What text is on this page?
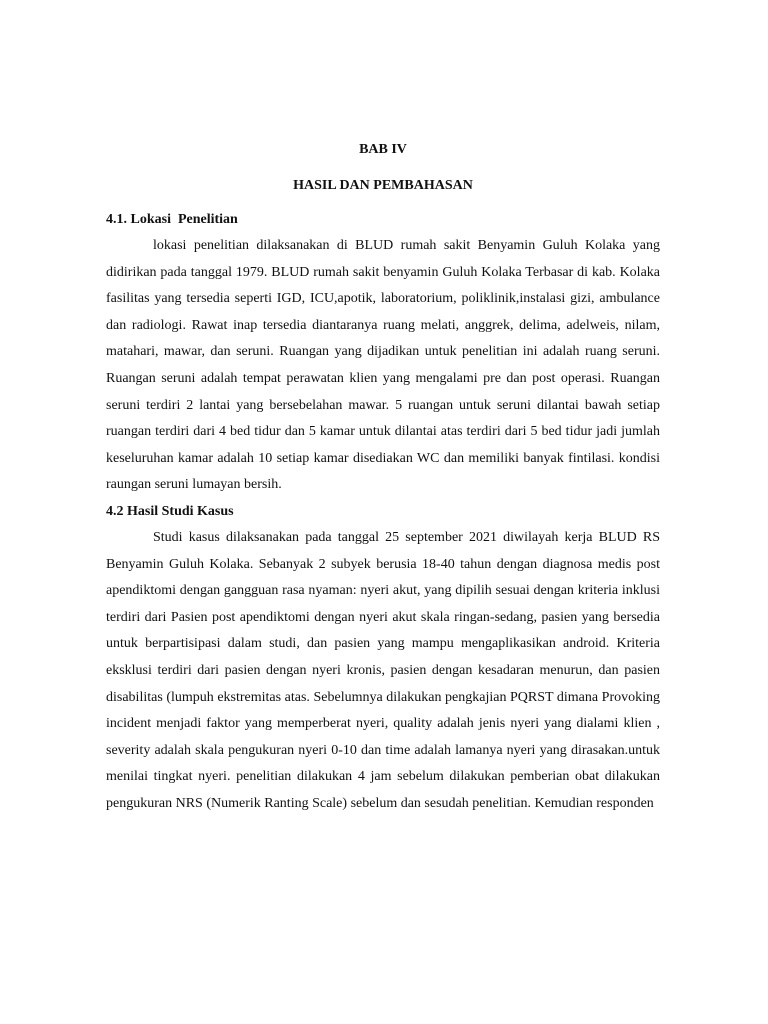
BAB IV

HASIL DAN PEMBAHASAN

4.1. Lokasi  Penelitian

lokasi penelitian dilaksanakan di BLUD rumah sakit Benyamin Guluh Kolaka yang didirikan pada tanggal 1979. BLUD rumah sakit benyamin Guluh Kolaka Terbasar di kab. Kolaka fasilitas yang tersedia seperti IGD, ICU,apotik, laboratorium, poliklinik,instalasi gizi, ambulance dan radiologi. Rawat inap tersedia diantaranya ruang melati, anggrek, delima, adelweis, nilam, matahari, mawar, dan seruni. Ruangan yang dijadikan untuk penelitian ini adalah ruang seruni. Ruangan seruni adalah tempat perawatan klien yang mengalami pre dan post operasi. Ruangan seruni terdiri 2 lantai yang bersebelahan mawar. 5 ruangan untuk seruni dilantai bawah setiap ruangan terdiri dari 4 bed tidur dan 5 kamar untuk dilantai atas terdiri dari 5 bed tidur jadi jumlah keseluruhan kamar adalah 10 setiap kamar disediakan WC dan memiliki banyak fintilasi. kondisi raungan seruni lumayan bersih.

4.2 Hasil Studi Kasus

Studi kasus dilaksanakan pada tanggal 25 september 2021 diwilayah kerja BLUD RS Benyamin Guluh Kolaka. Sebanyak 2 subyek berusia 18-40 tahun dengan diagnosa medis post apendiktomi dengan gangguan rasa nyaman: nyeri akut, yang dipilih sesuai dengan kriteria inklusi terdiri dari Pasien post apendiktomi dengan nyeri akut skala ringan-sedang, pasien yang bersedia untuk berpartisipasi dalam studi, dan pasien yang mampu mengaplikasikan android. Kriteria eksklusi terdiri dari pasien dengan nyeri kronis, pasien dengan kesadaran menurun, dan pasien disabilitas (lumpuh ekstremitas atas. Sebelumnya dilakukan pengkajian PQRST dimana Provoking incident menjadi faktor yang memperberat nyeri, quality adalah jenis nyeri yang dialami klien , severity adalah skala pengukuran nyeri 0-10 dan time adalah lamanya nyeri yang dirasakan.untuk menilai tingkat nyeri. penelitian dilakukan 4 jam sebelum dilakukan pemberian obat dilakukan pengukuran NRS (Numerik Ranting Scale) sebelum dan sesudah penelitian. Kemudian responden
